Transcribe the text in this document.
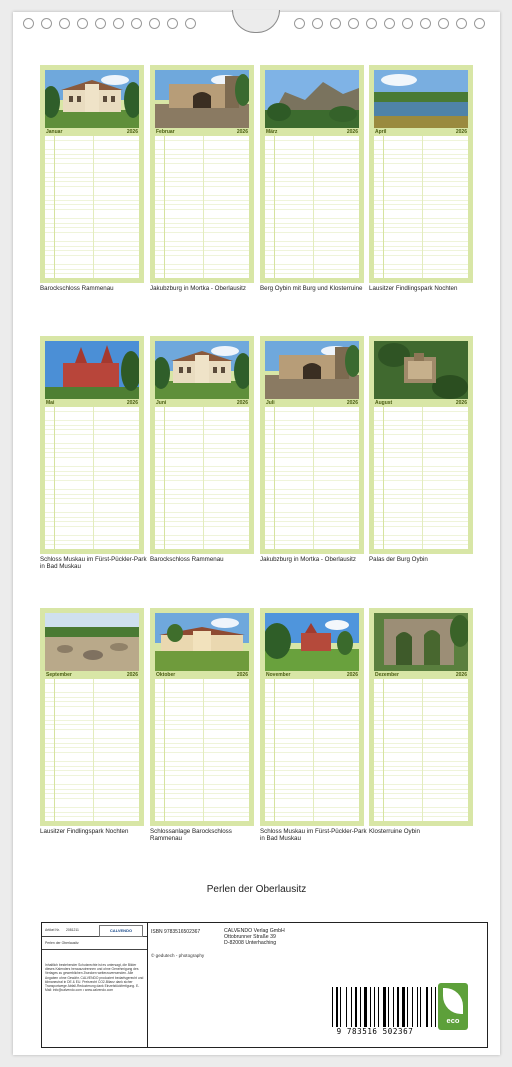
Januar	2026
Barockschloss Rammenau
Februar	2026
Jakubzburg in Mortka - Oberlausitz
März	2026
Berg Oybin mit Burg und Klosterruine
April	2026
Lausitzer Findlingspark Nochten
Mai	2026
Schloss Muskau im Fürst-Pückler-Park in Bad Muskau
Juni	2026
Barockschloss Rammenau
Juli	2026
Jakubzburg in Mortka - Oberlausitz
August	2026
Palas der Burg Oybin
September	2026
Lausitzer Findlingspark Nochten
Oktober	2026
Schlossanlage Barockschloss Rammenau
November	2026
Schloss Muskau im Fürst-Pückler-Park in Bad Muskau
Dezember	2026
Klosterruine Oybin
Perlen der Oberlausitz
Artikel Nr. 2081211	CALVENDO
Perlen der Oberlausitz
Inhaltlich bestehender Schutzrechte ist es untersagt, die Bilder dieses Kalenders herauszutrennen und ohne Genehmigung des Verlages zu gewerblichen Zwecken weiterzuverwenden. Alle Angaben ohne Gewähr. CALVENDO produziert bedarfsgerecht und klimaneutral in DE & EU. Preisrecht CO2-Bilanz dank sicher Transportwege Abfall-Reduzierung dank Einzelstückfertigung. E-Mail: info@calvendo.com • www.calvendo.com
ISBN 9783516502367	CALVENDO Verlag GmbH
Ottobrunner Straße 39
D-82008 Unterhaching
© gedutech - photography
9 783516 502367
eco
